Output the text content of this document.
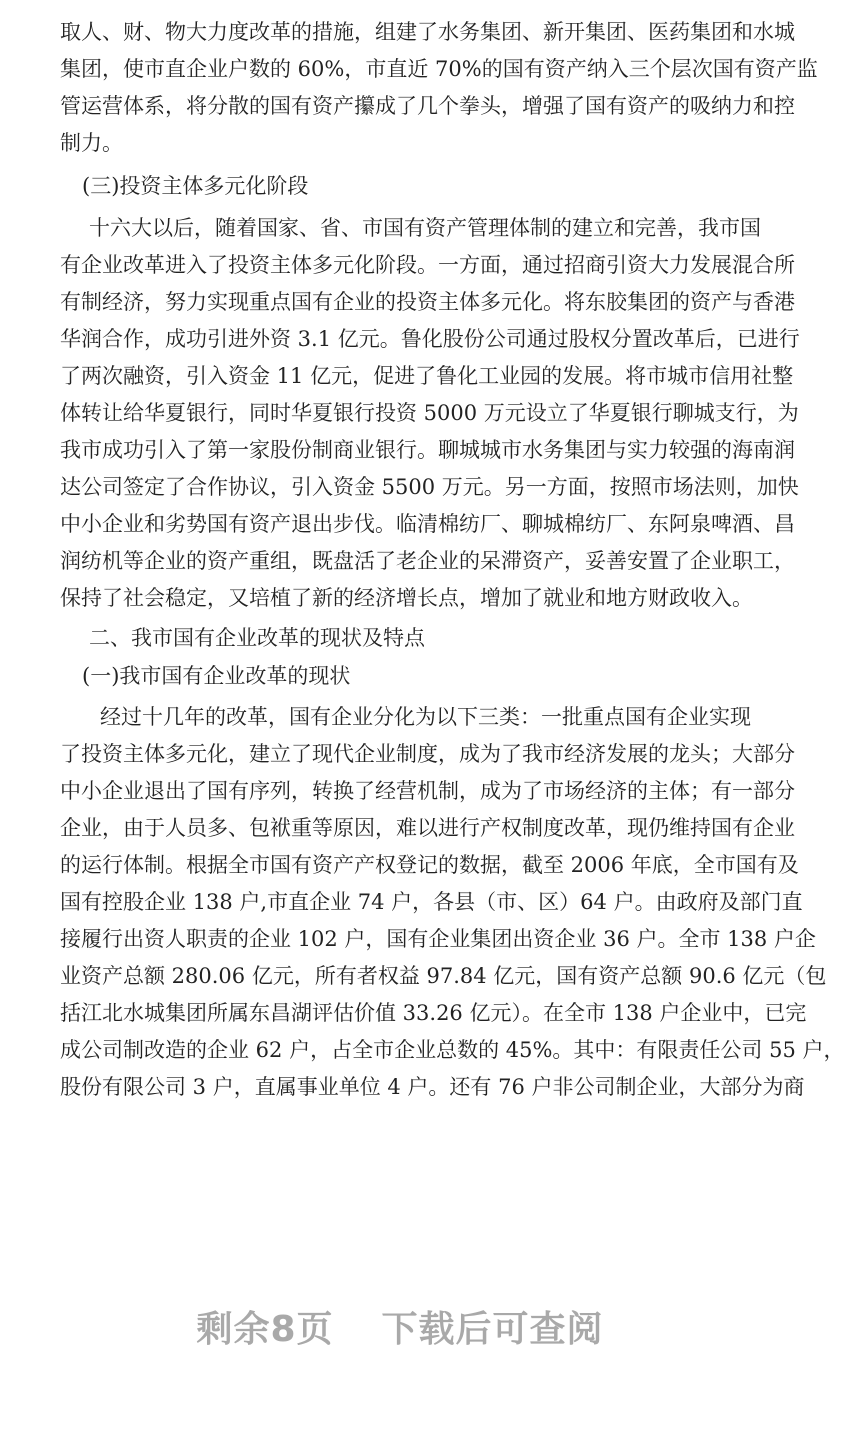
取人、财、物大力度改革的措施，组建了水务集团、新开集团、医药集团和水城
集团，使市直企业户数的 60%，市直近 70%的国有资产纳入三个层次国有资产监
管运营体系，将分散的国有资产攥成了几个拳头，增强了国有资产的吸纳力和控
制力。
(三)投资主体多元化阶段
十六大以后，随着国家、省、市国有资产管理体制的建立和完善，我市国
有企业改革进入了投资主体多元化阶段。一方面，通过招商引资大力发展混合所
有制经济，努力实现重点国有企业的投资主体多元化。将东胶集团的资产与香港
华润合作，成功引进外资 3.1 亿元。鲁化股份公司通过股权分置改革后，已进行
了两次融资，引入资金 11 亿元，促进了鲁化工业园的发展。将市城市信用社整
体转让给华夏银行，同时华夏银行投资 5000 万元设立了华夏银行聊城支行，为
我市成功引入了第一家股份制商业银行。聊城城市水务集团与实力较强的海南润
达公司签定了合作协议，引入资金 5500 万元。另一方面，按照市场法则，加快
中小企业和劣势国有资产退出步伐。临清棉纺厂、聊城棉纺厂、东阿泉啤酒、昌
润纺机等企业的资产重组，既盘活了老企业的呆滞资产，妥善安置了企业职工，
保持了社会稳定，又培植了新的经济增长点，增加了就业和地方财政收入。
二、我市国有企业改革的现状及特点
(一)我市国有企业改革的现状
经过十几年的改革，国有企业分化为以下三类：一批重点国有企业实现
了投资主体多元化，建立了现代企业制度，成为了我市经济发展的龙头；大部分
中小企业退出了国有序列，转换了经营机制，成为了市场经济的主体；有一部分
企业，由于人员多、包袱重等原因，难以进行产权制度改革，现仍维持国有企业
的运行体制。根据全市国有资产产权登记的数据，截至 2006 年底，全市国有及
国有控股企业 138 户,市直企业 74 户，各县（市、区）64 户。由政府及部门直
接履行出资人职责的企业 102 户，国有企业集团出资企业 36 户。全市 138 户企
业资产总额 280.06 亿元，所有者权益 97.84 亿元，国有资产总额 90.6 亿元（包
括江北水城集团所属东昌湖评估价值 33.26 亿元）。在全市 138 户企业中，已完
成公司制改造的企业 62 户，占全市企业总数的 45%。其中：有限责任公司 55 户，
股份有限公司 3 户，直属事业单位 4 户。还有 76 户非公司制企业，大部分为商
剩余8页 下载后可查阅
